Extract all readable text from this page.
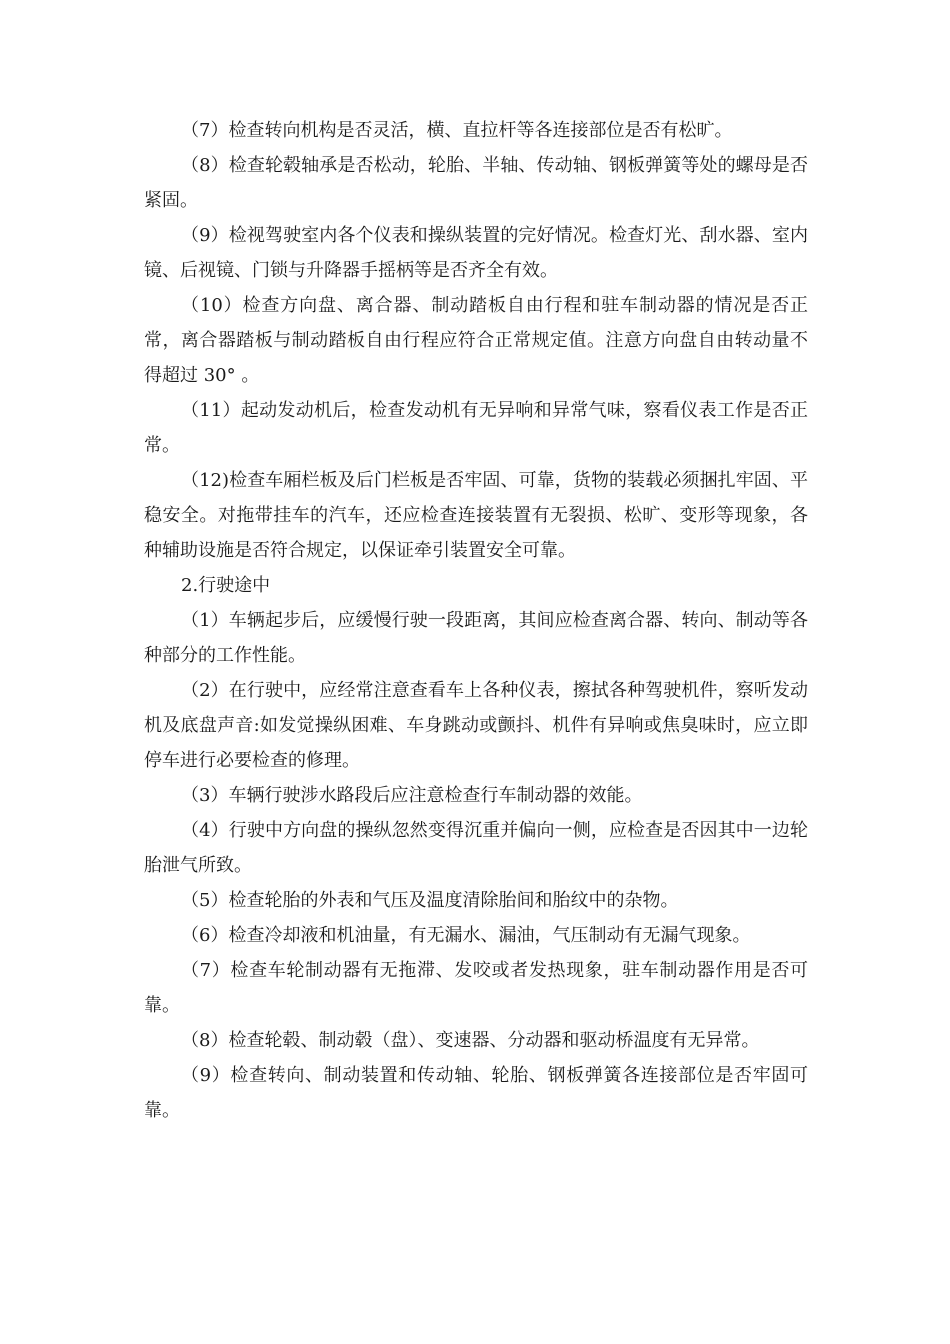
（7）检查转向机构是否灵活，横、直拉杆等各连接部位是否有松旷。

（8）检查轮毂轴承是否松动，轮胎、半轴、传动轴、钢板弹簧等处的螺母是否紧固。

（9）检视驾驶室内各个仪表和操纵装置的完好情况。检查灯光、刮水器、室内镜、后视镜、门锁与升降器手摇柄等是否齐全有效。

（10）检查方向盘、离合器、制动踏板自由行程和驻车制动器的情况是否正常，离合器踏板与制动踏板自由行程应符合正常规定值。注意方向盘自由转动量不得超过 30° 。

（11）起动发动机后，检查发动机有无异响和异常气味，察看仪表工作是否正常。

（12)检查车厢栏板及后门栏板是否牢固、可靠，货物的装载必须捆扎牢固、平稳安全。对拖带挂车的汽车，还应检查连接装置有无裂损、松旷、变形等现象，各种辅助设施是否符合规定，以保证牵引装置安全可靠。

2.行驶途中

（1）车辆起步后，应缓慢行驶一段距离，其间应检查离合器、转向、制动等各种部分的工作性能。

（2）在行驶中，应经常注意查看车上各种仪表，擦拭各种驾驶机件，察听发动机及底盘声音:如发觉操纵困难、车身跳动或颤抖、机件有异响或焦臭味时，应立即停车进行必要检查的修理。

（3）车辆行驶涉水路段后应注意检查行车制动器的效能。

（4）行驶中方向盘的操纵忽然变得沉重并偏向一侧，应检查是否因其中一边轮胎泄气所致。

（5）检查轮胎的外表和气压及温度清除胎间和胎纹中的杂物。

（6）检查冷却液和机油量，有无漏水、漏油，气压制动有无漏气现象。

（7）检查车轮制动器有无拖滞、发咬或者发热现象，驻车制动器作用是否可靠。

（8）检查轮毂、制动毂（盘）、变速器、分动器和驱动桥温度有无异常。

（9）检查转向、制动装置和传动轴、轮胎、钢板弹簧各连接部位是否牢固可靠。
